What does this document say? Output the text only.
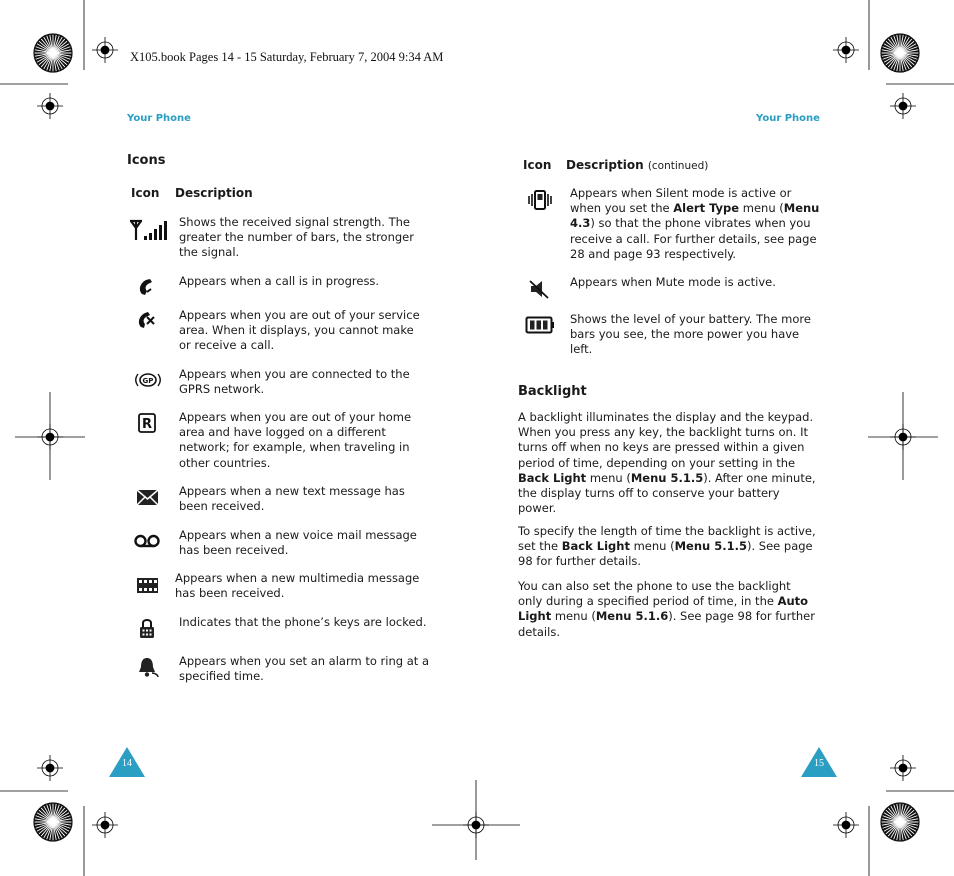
X105.book Pages 14 - 15 Saturday, February 7, 2004 9:34 AM
Your Phone	Your Phone
Icons
Icon Description
Shows the received signal strength. The greater the number of bars, the stronger the signal.
Appears when a call is in progress.
Appears when you are out of your service area. When it displays, you cannot make or receive a call.
GP Appears when you are connected to the GPRS network.
R Appears when you are out of your home area and have logged on a different network; for example, when traveling in other countries.
Appears when a new text message has been received.
Appears when a new voice mail message has been received.
Appears when a new multimedia message has been received.
Indicates that the phone’s keys are locked.
Appears when you set an alarm to ring at a specified time.
Icon Description (continued)
Appears when Silent mode is active or when you set the Alert Type menu (Menu 4.3) so that the phone vibrates when you receive a call. For further details, see page 28 and page 93 respectively.
Appears when Mute mode is active.
Shows the level of your battery. The more bars you see, the more power you have left.
Backlight
A backlight illuminates the display and the keypad. When you press any key, the backlight turns on. It turns off when no keys are pressed within a given period of time, depending on your setting in the Back Light menu (Menu 5.1.5). After one minute, the display turns off to conserve your battery power.
To specify the length of time the backlight is active, set the Back Light menu (Menu 5.1.5). See page 98 for further details.
You can also set the phone to use the backlight only during a specified period of time, in the Auto Light menu (Menu 5.1.6). See page 98 for further details.
14	15
